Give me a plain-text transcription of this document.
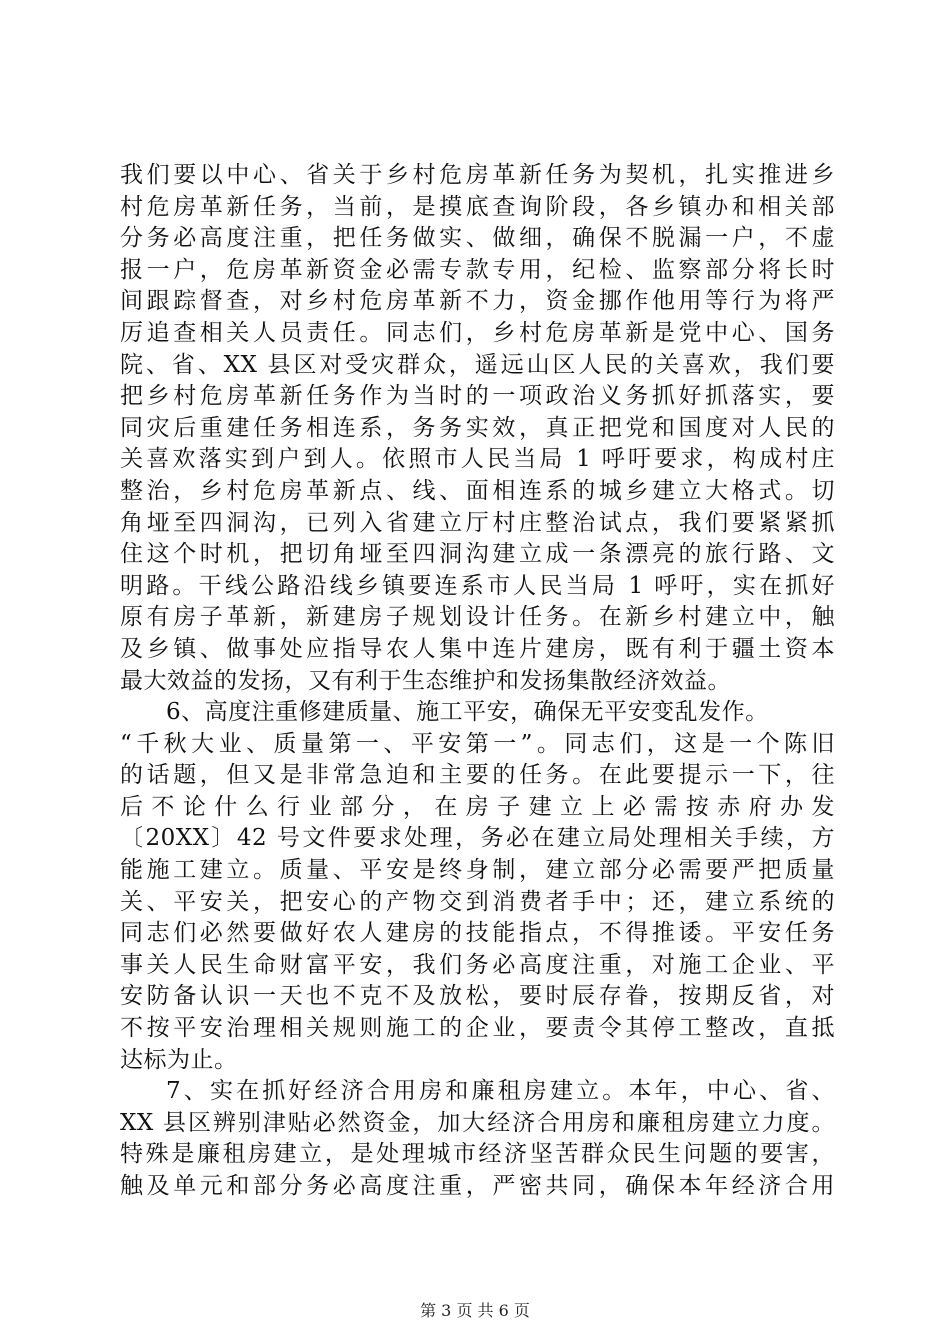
我们要以中心、省关于乡村危房革新任务为契机，扎实推进乡
村危房革新任务，当前，是摸底查询阶段，各乡镇办和相关部
分务必高度注重，把任务做实、做细，确保不脱漏一户，不虚
报一户，危房革新资金必需专款专用，纪检、监察部分将长时
间跟踪督查，对乡村危房革新不力，资金挪作他用等行为将严
厉追查相关人员责任。同志们，乡村危房革新是党中心、国务
院、省、XX 县区对受灾群众，遥远山区人民的关喜欢，我们要
把乡村危房革新任务作为当时的一项政治义务抓好抓落实，要
同灾后重建任务相连系，务务实效，真正把党和国度对人民的
关喜欢落实到户到人。依照市人民当局 1 呼吁要求，构成村庄
整治，乡村危房革新点、线、面相连系的城乡建立大格式。切
角垭至四洞沟，已列入省建立厅村庄整治试点，我们要紧紧抓
住这个时机，把切角垭至四洞沟建立成一条漂亮的旅行路、文
明路。干线公路沿线乡镇要连系市人民当局 1 呼吁，实在抓好
原有房子革新，新建房子规划设计任务。在新乡村建立中，触
及乡镇、做事处应指导农人集中连片建房，既有利于疆土资本
最大效益的发扬，又有利于生态维护和发扬集散经济效益。
6、高度注重修建质量、施工平安，确保无平安变乱发作。
“千秋大业、质量第一、平安第一”。同志们，这是一个陈旧
的话题，但又是非常急迫和主要的任务。在此要提示一下，往
后不论什么行业部分，在房子建立上必需按赤府办发
〔20XX〕42 号文件要求处理，务必在建立局处理相关手续，方
能施工建立。质量、平安是终身制，建立部分必需要严把质量
关、平安关，把安心的产物交到消费者手中；还，建立系统的
同志们必然要做好农人建房的技能指点，不得推诿。平安任务
事关人民生命财富平安，我们务必高度注重，对施工企业、平
安防备认识一天也不克不及放松，要时辰存眷，按期反省，对
不按平安治理相关规则施工的企业，要责令其停工整改，直抵
达标为止。
7、实在抓好经济合用房和廉租房建立。本年，中心、省、
XX 县区辨别津贴必然资金，加大经济合用房和廉租房建立力度。
特殊是廉租房建立，是处理城市经济坚苦群众民生问题的要害，
触及单元和部分务必高度注重，严密共同，确保本年经济合用
第 3 页 共 6 页
